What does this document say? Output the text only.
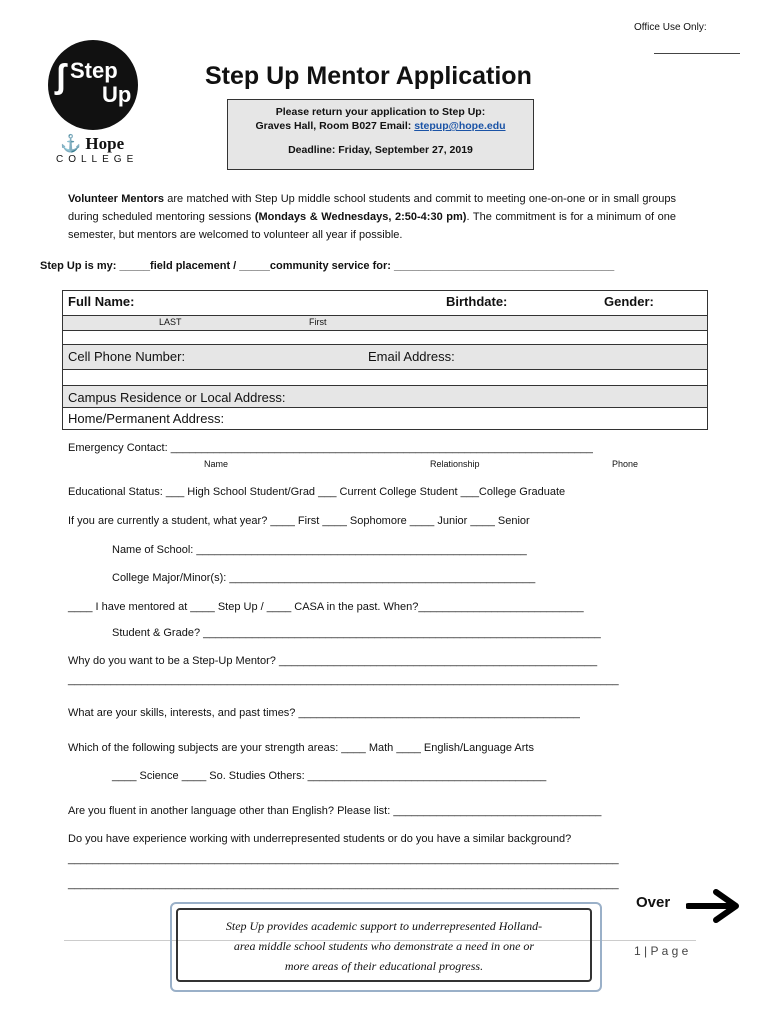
Office Use Only:
ʃ Step
Up
⚓ Hope
COLLEGE
Step Up Mentor Application
Please return your application to Step Up:
Graves Hall, Room B027 Email: stepup@hope.edu
Deadline: Friday, September 27, 2019
Volunteer Mentors are matched with Step Up middle school students and commit to meeting one-on-one or in small groups during scheduled mentoring sessions (Mondays & Wednesdays, 2:50-4:30 pm). The commitment is for a minimum of one semester, but mentors are welcomed to volunteer all year if possible.
Step Up is my: _____field placement / _____community service for: ____________________________________
Full Name:	Birthdate:	Gender:
LAST	First
Cell Phone Number:	Email Address:
Campus Residence or Local Address:
Home/Permanent Address:
Emergency Contact: _____________________________________________________________________
Name	Relationship	Phone
Educational Status: ___ High School Student/Grad ___ Current College Student ___College Graduate
If you are currently a student, what year? ____ First ____ Sophomore ____ Junior ____ Senior
Name of School: ______________________________________________________
College Major/Minor(s): __________________________________________________
____ I have mentored at ____ Step Up / ____ CASA in the past. When?___________________________
Student & Grade? _________________________________________________________________
Why do you want to be a Step-Up Mentor? ____________________________________________________
__________________________________________________________________________________________
What are your skills, interests, and past times? ______________________________________________
Which of the following subjects are your strength areas: ____ Math ____ English/Language Arts
____ Science ____ So. Studies Others: _______________________________________
Are you fluent in another language other than English? Please list: __________________________________
Do you have experience working with underrepresented students or do you have a similar background?
__________________________________________________________________________________________
__________________________________________________________________________________________
Over
1 | P a g e
Step Up provides academic support to underrepresented Holland-
area middle school students who demonstrate a need in one or
more areas of their educational progress.
